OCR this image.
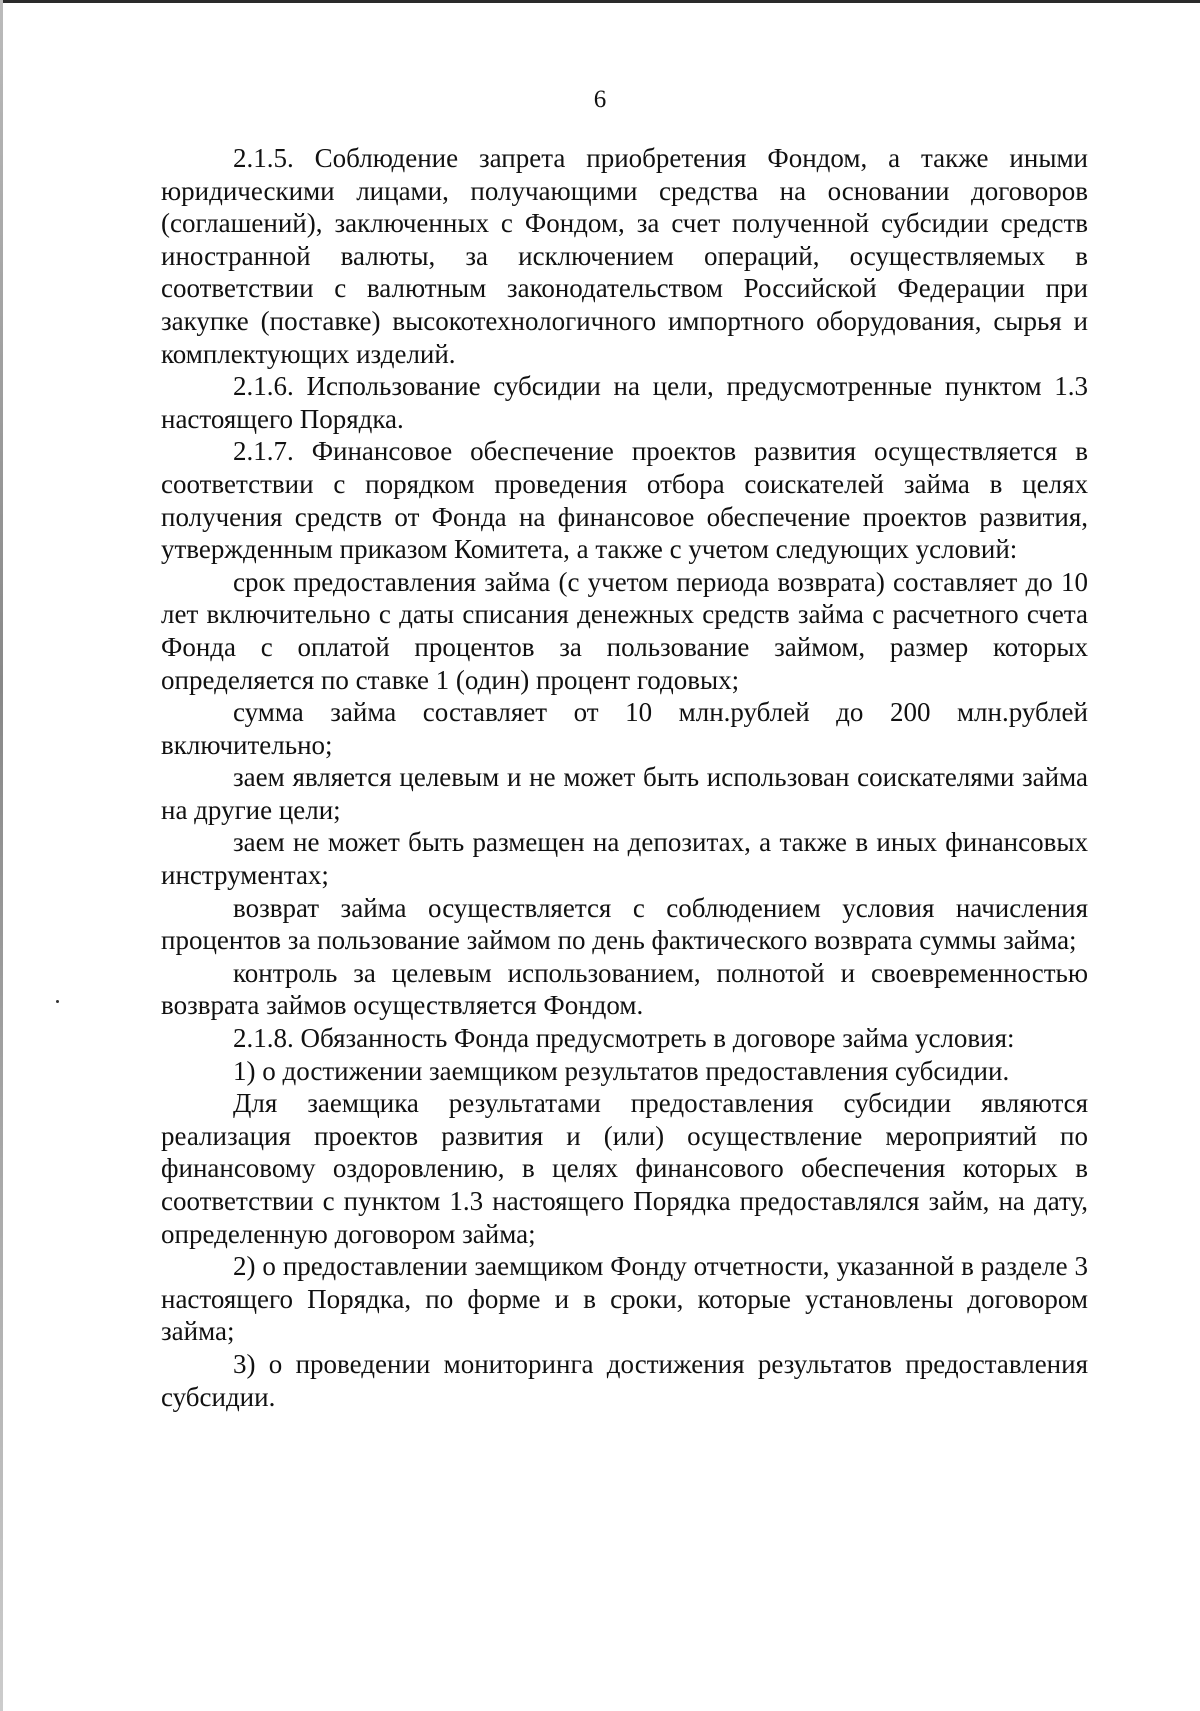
6

2.1.5. Соблюдение запрета приобретения Фондом, а также иными юридическими лицами, получающими средства на основании договоров (соглашений), заключенных с Фондом, за счет полученной субсидии средств иностранной валюты, за исключением операций, осуществляемых в соответствии с валютным законодательством Российской Федерации при закупке (поставке) высокотехнологичного импортного оборудования, сырья и комплектующих изделий.

2.1.6. Использование субсидии на цели, предусмотренные пунктом 1.3 настоящего Порядка.

2.1.7. Финансовое обеспечение проектов развития осуществляется в соответствии с порядком проведения отбора соискателей займа в целях получения средств от Фонда на финансовое обеспечение проектов развития, утвержденным приказом Комитета, а также с учетом следующих условий:

срок предоставления займа (с учетом периода возврата) составляет до 10 лет включительно с даты списания денежных средств займа с расчетного счета Фонда с оплатой процентов за пользование займом, размер которых определяется по ставке 1 (один) процент годовых;

сумма займа составляет от 10 млн.рублей до 200 млн.рублей включительно;

заем является целевым и не может быть использован соискателями займа на другие цели;

заем не может быть размещен на депозитах, а также в иных финансовых инструментах;

возврат займа осуществляется с соблюдением условия начисления процентов за пользование займом по день фактического возврата суммы займа;

контроль за целевым использованием, полнотой и своевременностью возврата займов осуществляется Фондом.

2.1.8. Обязанность Фонда предусмотреть в договоре займа условия:

1) о достижении заемщиком результатов предоставления субсидии.

Для заемщика результатами предоставления субсидии являются реализация проектов развития и (или) осуществление мероприятий по финансовому оздоровлению, в целях финансового обеспечения которых в соответствии с пунктом 1.3 настоящего Порядка предоставлялся займ, на дату, определенную договором займа;

2) о предоставлении заемщиком Фонду отчетности, указанной в разделе 3 настоящего Порядка, по форме и в сроки, которые установлены договором займа;

3) о проведении мониторинга достижения результатов предоставления субсидии.
